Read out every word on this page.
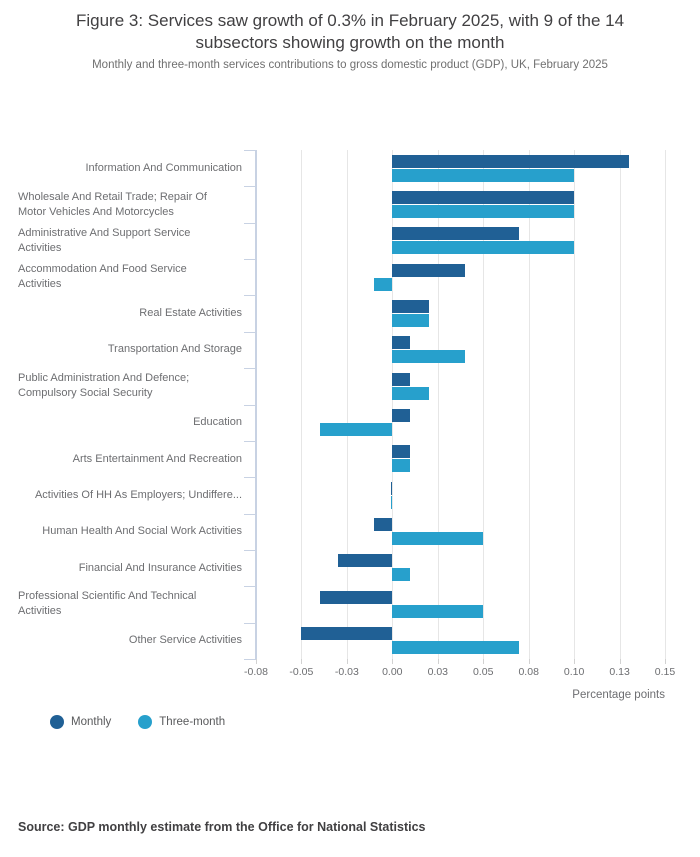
Figure 3: Services saw growth of 0.3% in February 2025, with 9 of the 14 subsectors showing growth on the month
Monthly and three-month services contributions to gross domestic product (GDP), UK, February 2025
Information And Communication
Wholesale And Retail Trade; Repair Of
Motor Vehicles And Motorcycles
Administrative And Support Service
Activities
Accommodation And Food Service
Activities
Real Estate Activities
Transportation And Storage
Public Administration And Defence;
Compulsory Social Security
Education
Arts Entertainment And Recreation
Activities Of HH As Employers; Undiffere...
Human Health And Social Work Activities
Financial And Insurance Activities
Professional Scientific And Technical
Activities
Other Service Activities
-0.08	-0.05	-0.03	0.00	0.03	0.05	0.08	0.10	0.13	0.15
Percentage points
Monthly	Three-month
Source: GDP monthly estimate from the Office for National Statistics
